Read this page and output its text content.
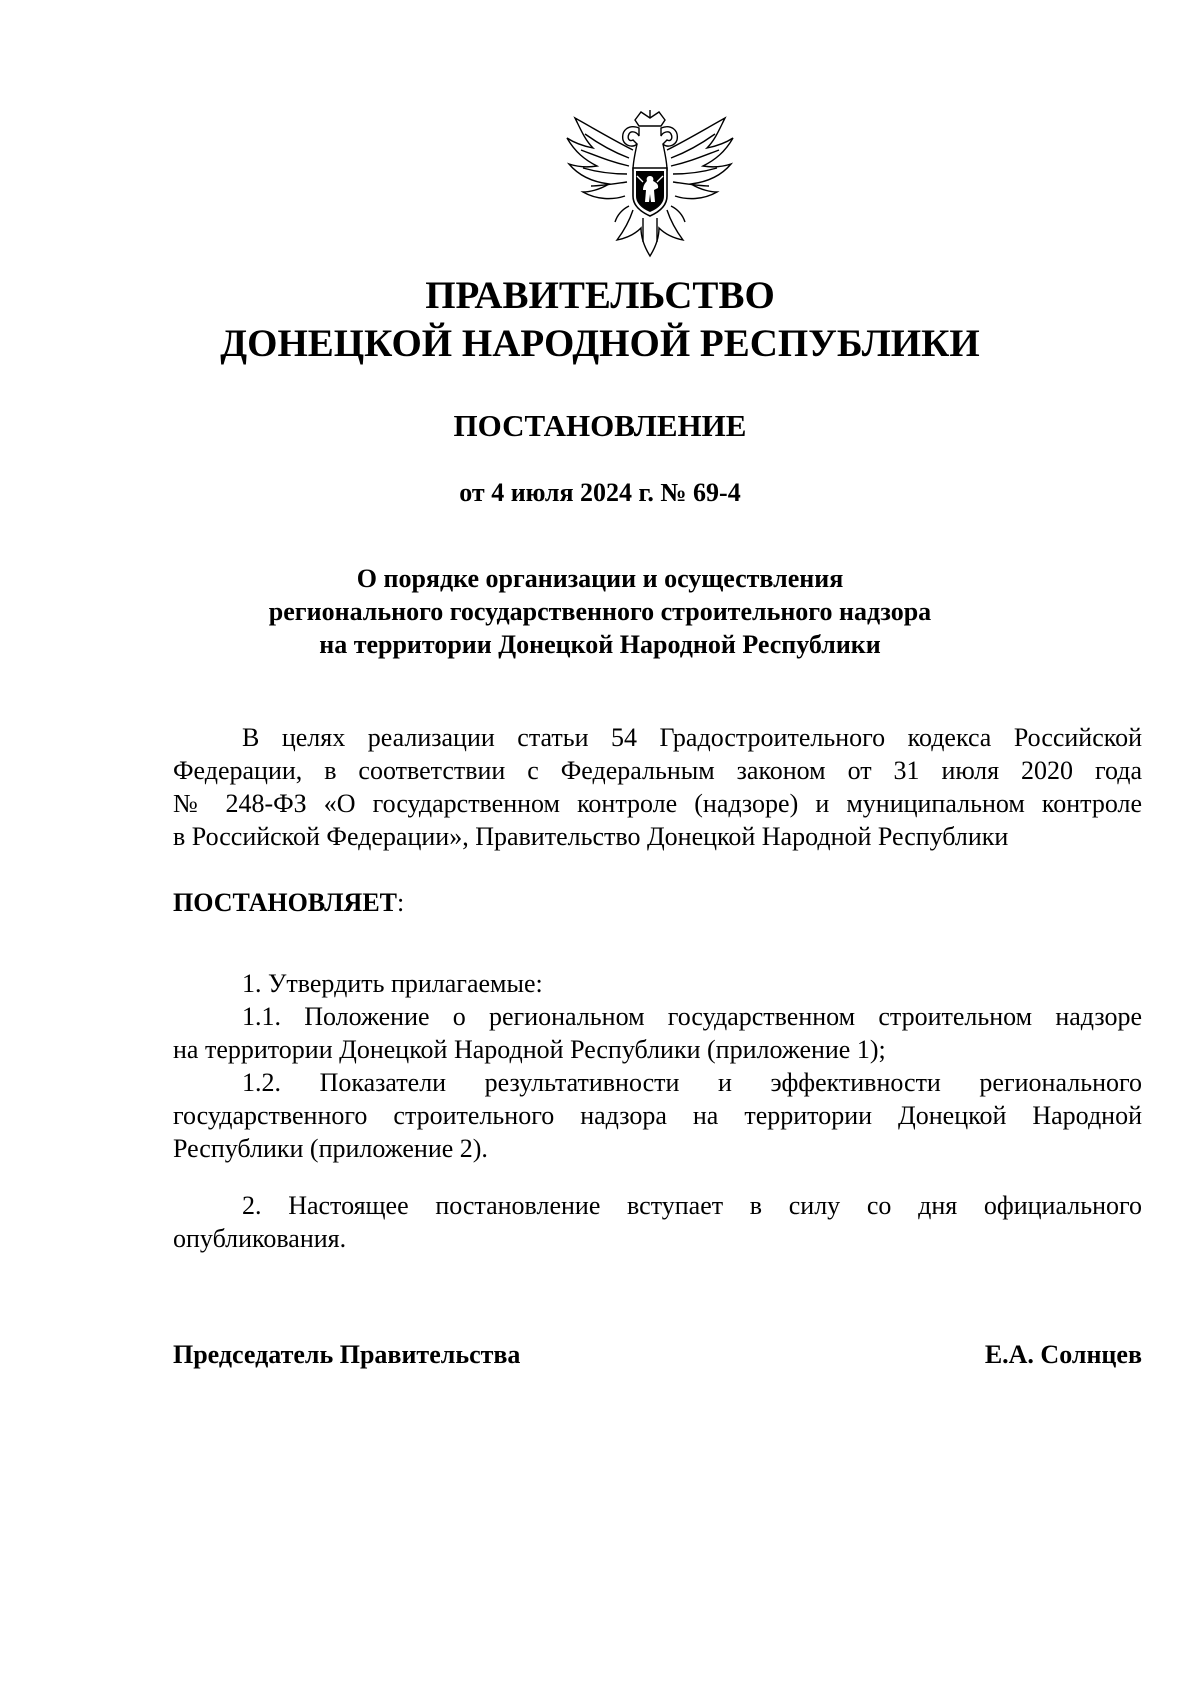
ПРАВИТЕЛЬСТВО
ДОНЕЦКОЙ НАРОДНОЙ РЕСПУБЛИКИ
ПОСТАНОВЛЕНИЕ
от 4 июля 2024 г. № 69-4
О порядке организации и осуществления
регионального государственного строительного надзора
на территории Донецкой Народной Республики
В целях реализации статьи 54 Градостроительного кодекса Российской
Федерации, в соответствии с Федеральным законом от 31 июля 2020 года
№ 248-ФЗ «О государственном контроле (надзоре) и муниципальном контроле
в Российской Федерации», Правительство Донецкой Народной Республики
ПОСТАНОВЛЯЕТ:
1. Утвердить прилагаемые:
1.1. Положение о региональном государственном строительном надзоре
на территории Донецкой Народной Республики (приложение 1);
1.2. Показатели результативности и эффективности регионального
государственного строительного надзора на территории Донецкой Народной
Республики (приложение 2).
2. Настоящее постановление вступает в силу со дня официального
опубликования.
Председатель Правительства	Е.А. Солнцев
